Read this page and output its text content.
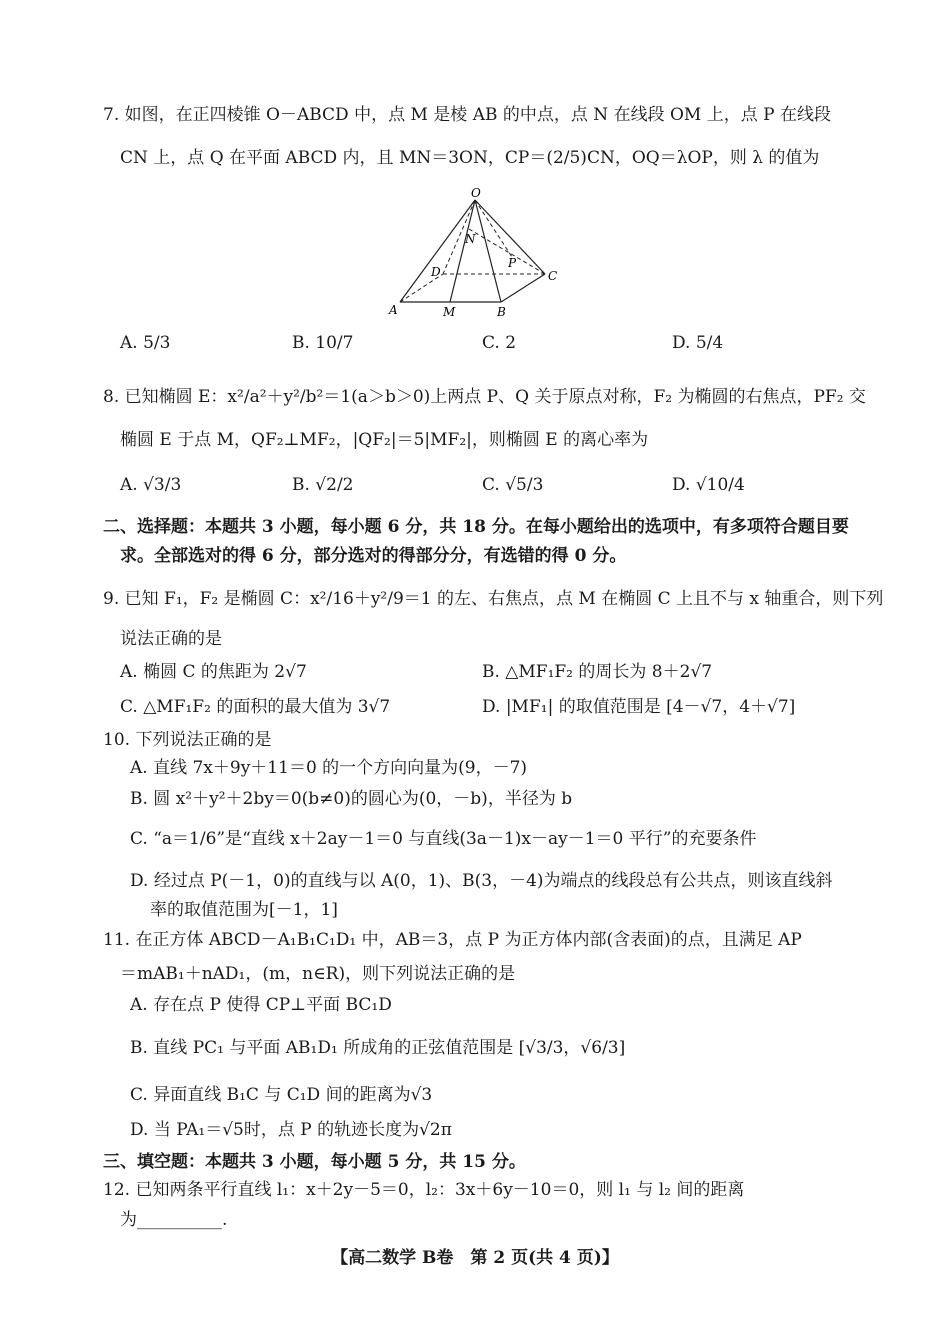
7. 如图，在正四棱锥 O－ABCD 中，点 M 是棱 AB 的中点，点 N 在线段 OM 上，点 P 在线段
CN 上，点 Q 在平面 ABCD 内，且 MN＝3ON，CP＝(2/5)CN，OQ＝λOP，则 λ 的值为
O
A	B
C
D
M
N
P
A. 5/3	B. 10/7	C. 2	D. 5/4
8. 已知椭圆 E：x²/a²＋y²/b²＝1(a＞b＞0)上两点 P、Q 关于原点对称，F₂ 为椭圆的右焦点，PF₂ 交
椭圆 E 于点 M，QF₂⊥MF₂，|QF₂|＝5|MF₂|，则椭圆 E 的离心率为
A. √3/3	B. √2/2	C. √5/3	D. √10/4
二、选择题：本题共 3 小题，每小题 6 分，共 18 分。在每小题给出的选项中，有多项符合题目要
求。全部选对的得 6 分，部分选对的得部分分，有选错的得 0 分。
9. 已知 F₁，F₂ 是椭圆 C：x²/16＋y²/9＝1 的左、右焦点，点 M 在椭圆 C 上且不与 x 轴重合，则下列
说法正确的是
A. 椭圆 C 的焦距为 2√7	B. △MF₁F₂ 的周长为 8＋2√7
C. △MF₁F₂ 的面积的最大值为 3√7	D. |MF₁| 的取值范围是 [4－√7，4＋√7]
10. 下列说法正确的是
A. 直线 7x＋9y＋11＝0 的一个方向向量为(9，－7)
B. 圆 x²＋y²＋2by＝0(b≠0)的圆心为(0，－b)，半径为 b
C. “a＝1/6”是“直线 x＋2ay－1＝0 与直线(3a－1)x－ay－1＝0 平行”的充要条件
D. 经过点 P(－1，0)的直线与以 A(0，1)、B(3，－4)为端点的线段总有公共点，则该直线斜
率的取值范围为[－1，1]
11. 在正方体 ABCD－A₁B₁C₁D₁ 中，AB＝3，点 P 为正方体内部(含表面)的点，且满足 AP
＝mAB₁＋nAD₁，(m，n∈R)，则下列说法正确的是
A. 存在点 P 使得 CP⊥平面 BC₁D
B. 直线 PC₁ 与平面 AB₁D₁ 所成角的正弦值范围是 [√3/3，√6/3]
C. 异面直线 B₁C 与 C₁D 间的距离为√3
D. 当 PA₁＝√5时，点 P 的轨迹长度为√2π
三、填空题：本题共 3 小题，每小题 5 分，共 15 分。
12. 已知两条平行直线 l₁：x＋2y－5＝0，l₂：3x＋6y－10＝0，则 l₁ 与 l₂ 间的距离
为__________.
【高二数学 B卷　第 2 页(共 4 页)】
